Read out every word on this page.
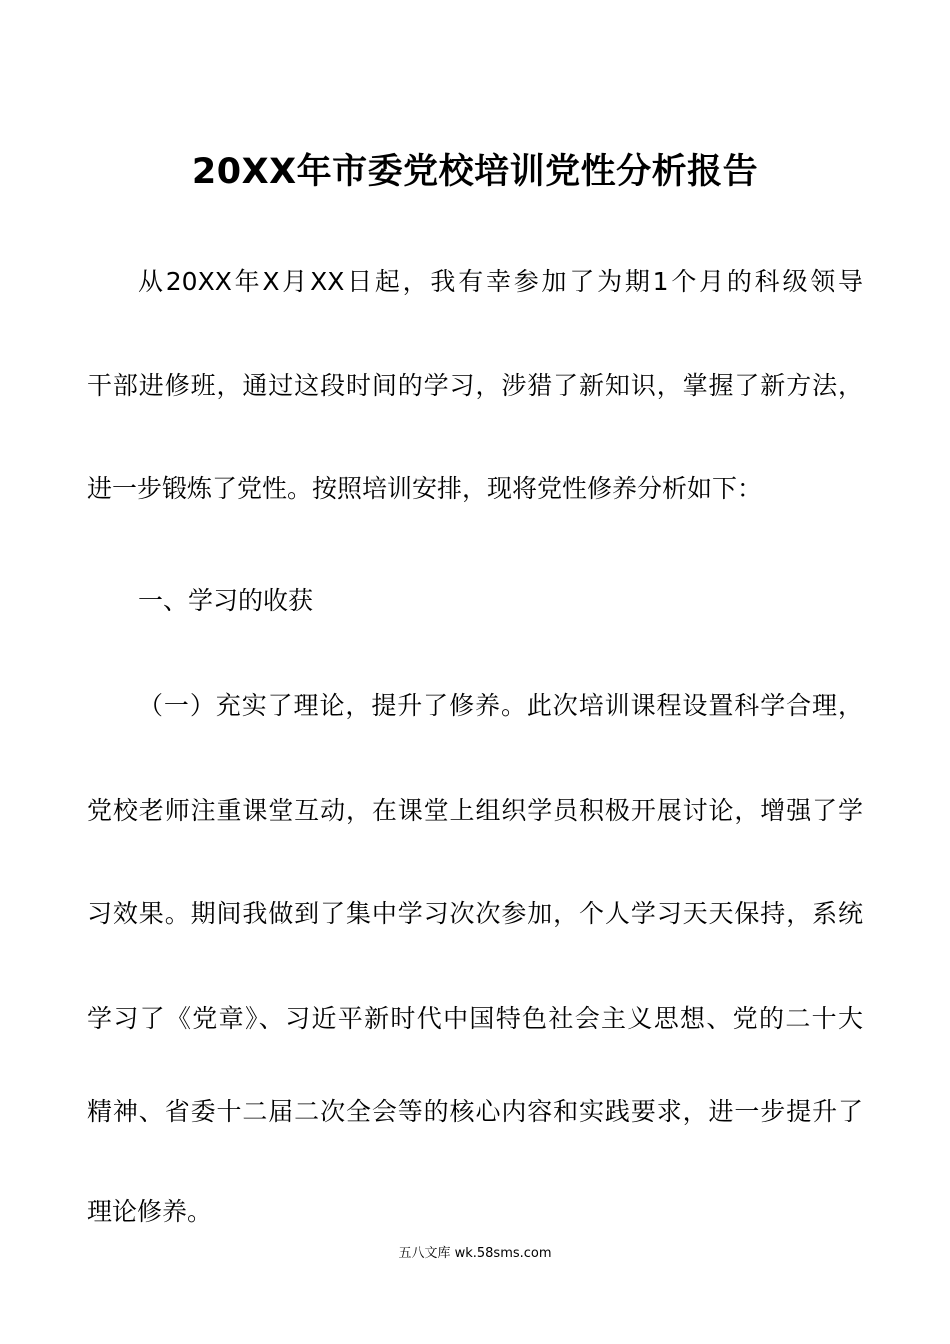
20XX年市委党校培训党性分析报告
从20XX年X月XX日起，我有幸参加了为期1个月的科级领导
干部进修班，通过这段时间的学习，涉猎了新知识，掌握了新方法，
进一步锻炼了党性。按照培训安排，现将党性修养分析如下：
一、学习的收获
（一）充实了理论，提升了修养。此次培训课程设置科学合理，
党校老师注重课堂互动，在课堂上组织学员积极开展讨论，增强了学
习效果。期间我做到了集中学习次次参加，个人学习天天保持，系统
学习了《党章》、习近平新时代中国特色社会主义思想、党的二十大
精神、省委十二届二次全会等的核心内容和实践要求，进一步提升了
理论修养。
五八文库 wk.58sms.com
